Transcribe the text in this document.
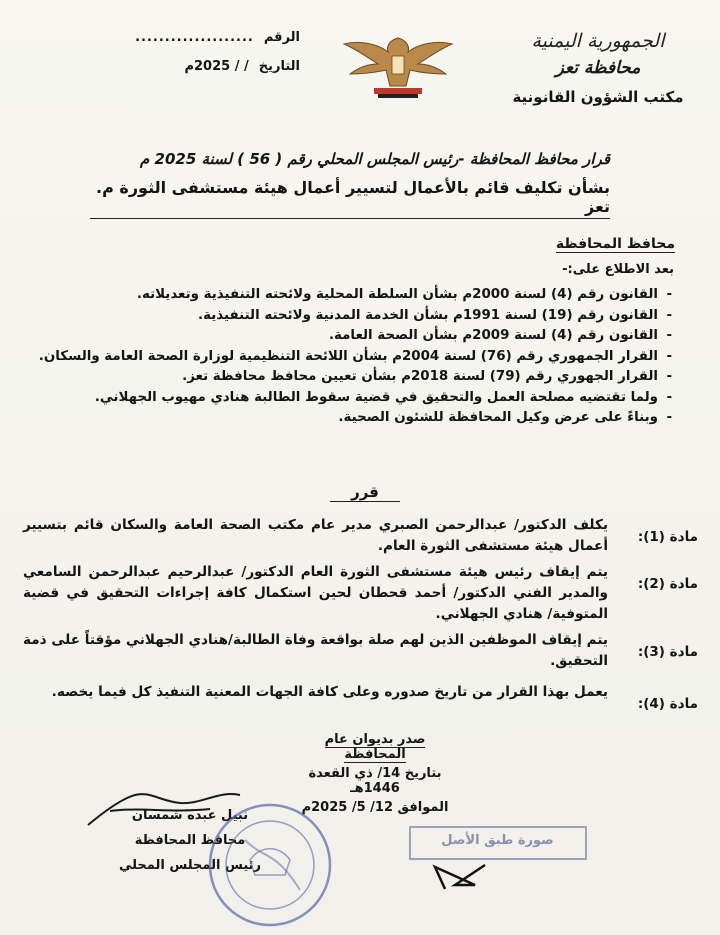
الجمهورية اليمنية
محافظة تعز
مكتب الشؤون القانونية
الرقم
....................
التاريخ
/ / 2025م
قرار محافظ المحافظة -رئيس المجلس المحلي رقم ( 56 ) لسنة 2025 م
بشأن تكليف قائم بالأعمال لتسيير أعمال هيئة مستشفى الثورة م. تعز
محافظ المحافظة
بعد الاطلاع على:-
-
القانون رقم (4) لسنة 2000م بشأن السلطة المحلية ولائحته التنفيذية وتعديلاته.
-
القانون رقم (19) لسنة 1991م بشأن الخدمة المدنية ولائحته التنفيذية.
-
القانون رقم (4) لسنة 2009م بشأن الصحة العامة.
-
القرار الجمهوري رقم (76) لسنة 2004م بشأن اللائحة التنظيمية لوزارة الصحة العامة والسكان.
-
القرار الجهوري رقم (79) لسنة 2018م بشأن تعيين محافظ محافظة تعز.
-
ولما تقتضيه مصلحة العمل والتحقيق في قضية سقوط الطالبة هنادي مهيوب الجهلاني.
-
وبناءً على عرض وكيل المحافظة للشئون الصحية.
قرر
مادة (1):
يكلف الدكتور/ عبدالرحمن الصبري مدير عام مكتب الصحة العامة والسكان قائم بتسيير أعمال هيئة مستشفى الثورة العام.
مادة (2):
يتم إيقاف رئيس هيئة مستشفى الثورة العام الدكتور/ عبدالرحيم عبدالرحمن السامعي والمدير الفني الدكتور/ أحمد قحطان لحين استكمال كافة إجراءات التحقيق في قضية المتوفية/ هنادي الجهلاني.
مادة (3):
يتم إيقاف الموظفين الذين لهم صلة بواقعة وفاة الطالبة/هنادي الجهلاني مؤقتاً على ذمة التحقيق.
مادة (4):
يعمل بهذا القرار من تاريخ صدوره وعلى كافة الجهات المعنية التنفيذ كل فيما يخصه.
صدر بديوان عام المحافظة
بتاريخ 14/ ذي القعدة 1446هـ
الموافق 12/ 5/ 2025م
نبيل عبده شمسان
محافظ المحافظة
رئيس المجلس المحلي
صورة طبق الأصل
